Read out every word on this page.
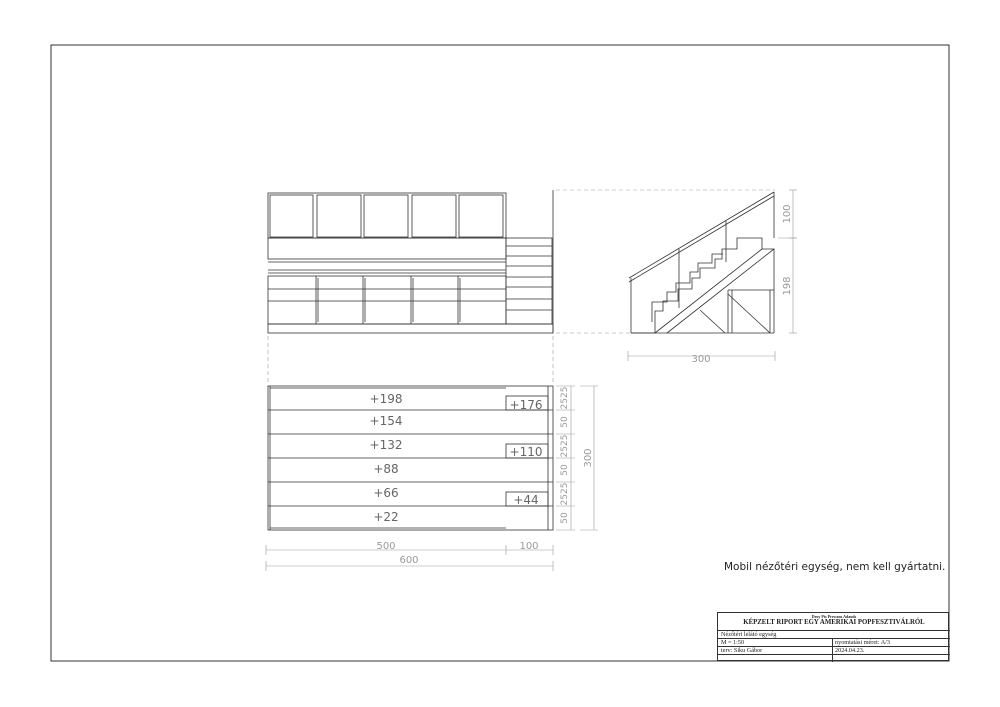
100
198
300
+198
+154
+132
+88
+66
+22
+176
+110
+44
2525
50
2525
50
2525
50
300
500	100
600
Mobil nézőtéri egység, nem kell gyártatni.
Droy Pts Prewans Adauds
KÉPZELT RIPORT EGY AMERIKAI POPFESZTIVÁLRÓL
Nézőtéri lelátó egység
M = 1:50	nyomtatási méret: A/3
terv: Siku Gábor	2024.04.23.
